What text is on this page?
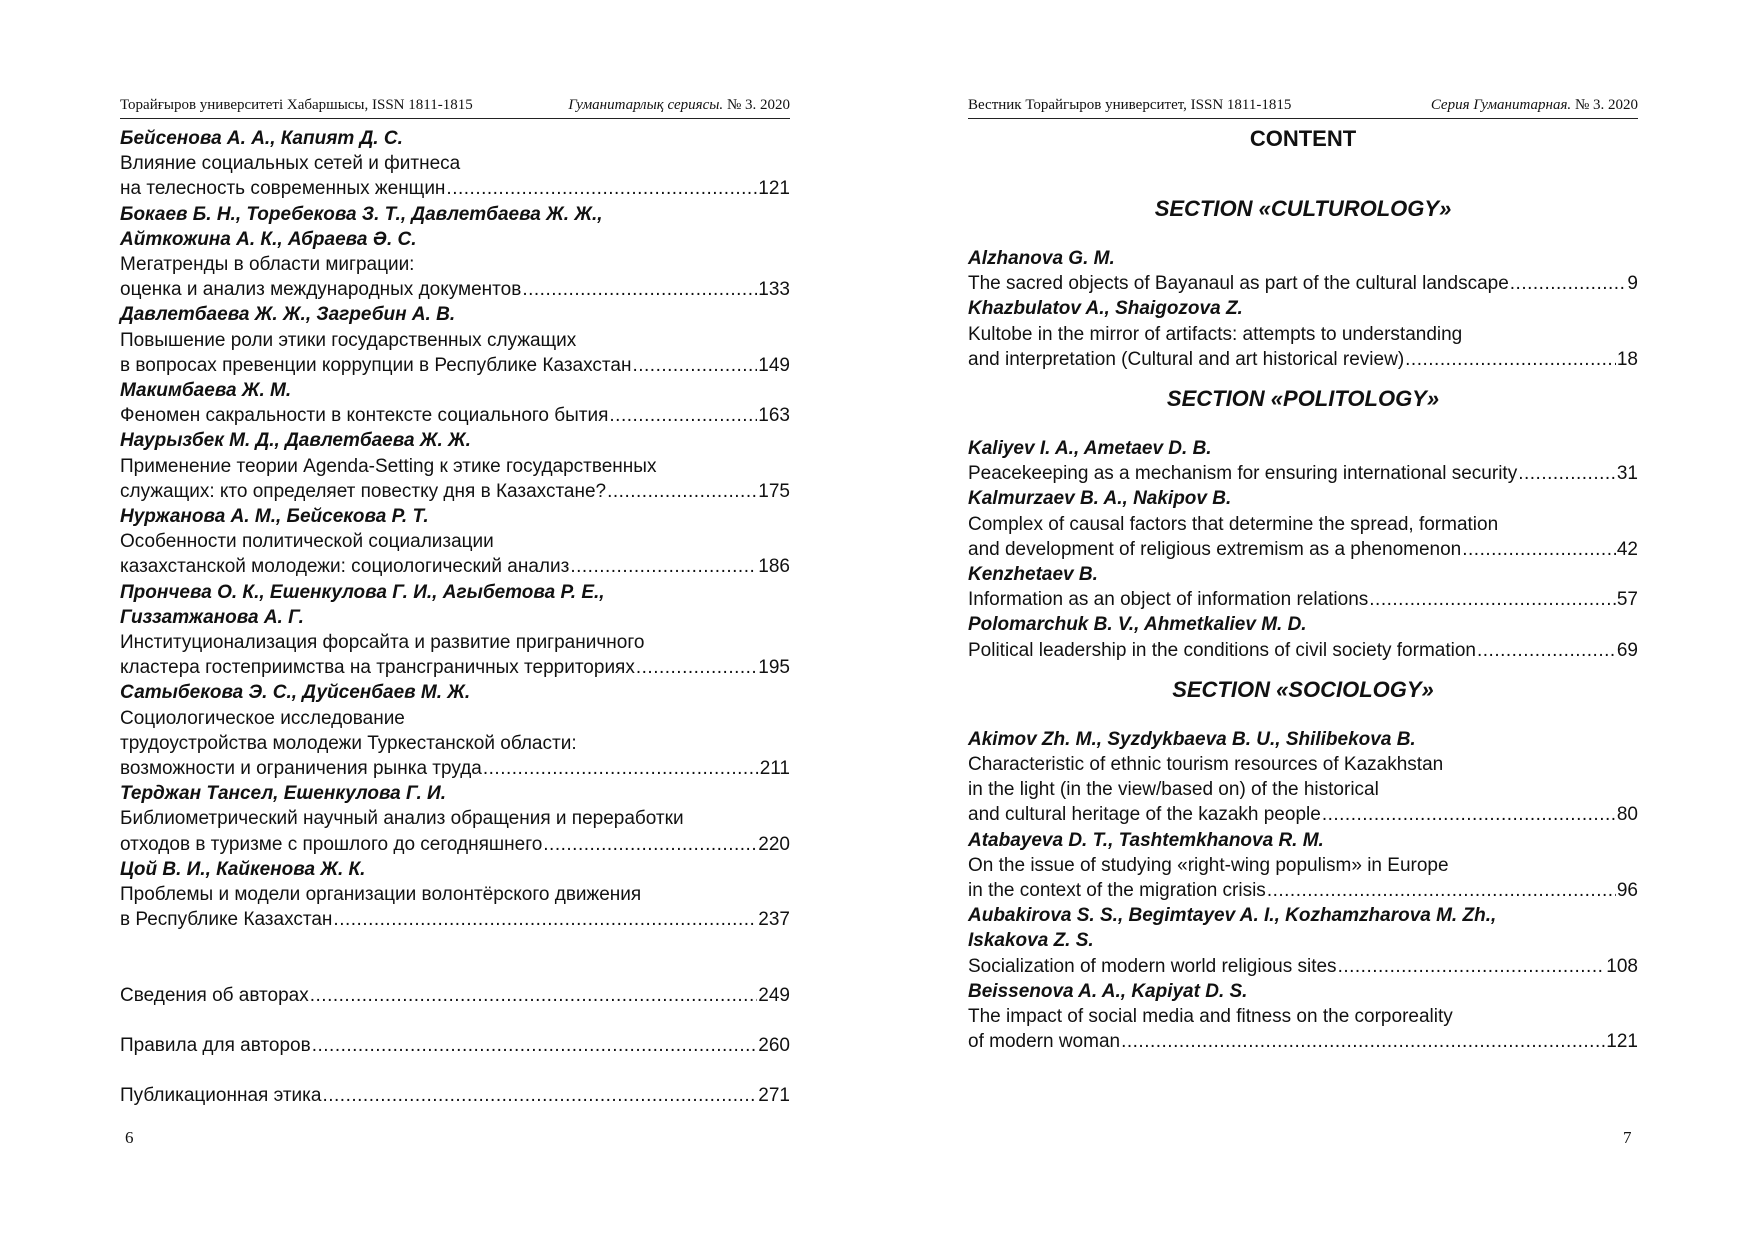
Торайғыров университеті Хабаршысы, ISSN 1811-1815	Гуманитарлық сериясы. № 3. 2020
Бейсенова А. А., Капият Д. С.
Влияние социальных сетей и фитнеса
на телесность современных женщин .....	121
Бокаев Б. Н., Торебекова З. Т., Давлетбаева Ж. Ж.,
Айткожина А. К., Абраева Ә. С.
Мегатренды в области миграции:
оценка и анализ международных документов .....	133
Давлетбаева Ж. Ж., Загребин А. В.
Повышение роли этики государственных служащих
в вопросах превенции коррупции в Республике Казахстан .....	149
Макимбаева Ж. М.
Феномен сакральности в контексте социального бытия .....	163
Наурызбек М. Д., Давлетбаева Ж. Ж.
Применение теории Agenda-Setting к этике государственных
служащих: кто определяет повестку дня в Казахстане? .....	175
Нуржанова А. М., Бейсекова Р. Т.
Особенности политической социализации
казахстанской молодежи: социологический анализ .....	186
Прончева О. К., Ешенкулова Г. И., Агыбетова Р. Е.,
Гиззатжанова А. Г.
Институционализация форсайта и развитие приграничного
кластера гостеприимства на трансграничных территориях .....	195
Сатыбекова Э. С., Дуйсенбаев М. Ж.
Социологическое исследование
трудоустройства молодежи Туркестанской области:
возможности и ограничения рынка труда .....	211
Терджан Тансел, Ешенкулова Г. И.
Библиометрический научный анализ обращения и переработки
отходов в туризме с прошлого до сегодняшнего .....	220
Цой В. И., Кайкенова Ж. К.
Проблемы и модели организации волонтёрского движения
в Республике Казахстан .....	237
Сведения об авторах .....	249
Правила для авторов .....	260
Публикационная этика .....	271
Вестник Торайгыров университет, ISSN 1811-1815	Серия Гуманитарная. № 3. 2020
CONTENT
SECTION «CULTUROLOGY»
Alzhanova G. M.
The sacred objects of Bayanaul as part of the cultural landscape .....	9
Khazbulatov A., Shaigozova Z.
Kultobe in the mirror of artifacts: attempts to understanding
and interpretation (Cultural and art historical review) .....	18
SECTION «POLITOLOGY»
Kaliyev I. A., Ametaev D. B.
Peacekeeping as a mechanism for ensuring international security .....	31
Kalmurzaev B. A., Nakipov B.
Complex of causal factors that determine the spread, formation
and development of religious extremism as a phenomenon .....	42
Kenzhetaev B.
Information as an object of information relations .....	57
Polomarchuk B. V., Ahmetkaliev M. D.
Political leadership in the conditions of civil society formation .....	69
SECTION «SOCIOLOGY»
Akimov Zh. M., Syzdykbaeva B. U., Shilibekova B.
Characteristic of ethnic tourism resources of Kazakhstan
in the light (in the view/based on) of the historical
and cultural heritage of the kazakh people .....	80
Atabayeva D. T., Tashtemkhanova R. M.
On the issue of studying «right-wing populism» in Europe
in the context of the migration crisis .....	96
Aubakirova S. S., Begimtayev A. I., Kozhamzharova M. Zh.,
Iskakova Z. S.
Socialization of modern world religious sites .....	108
Beissenova A. A., Kapiyat D. S.
The impact of social media and fitness on the corporeality
of modern woman .....	121
6	7
